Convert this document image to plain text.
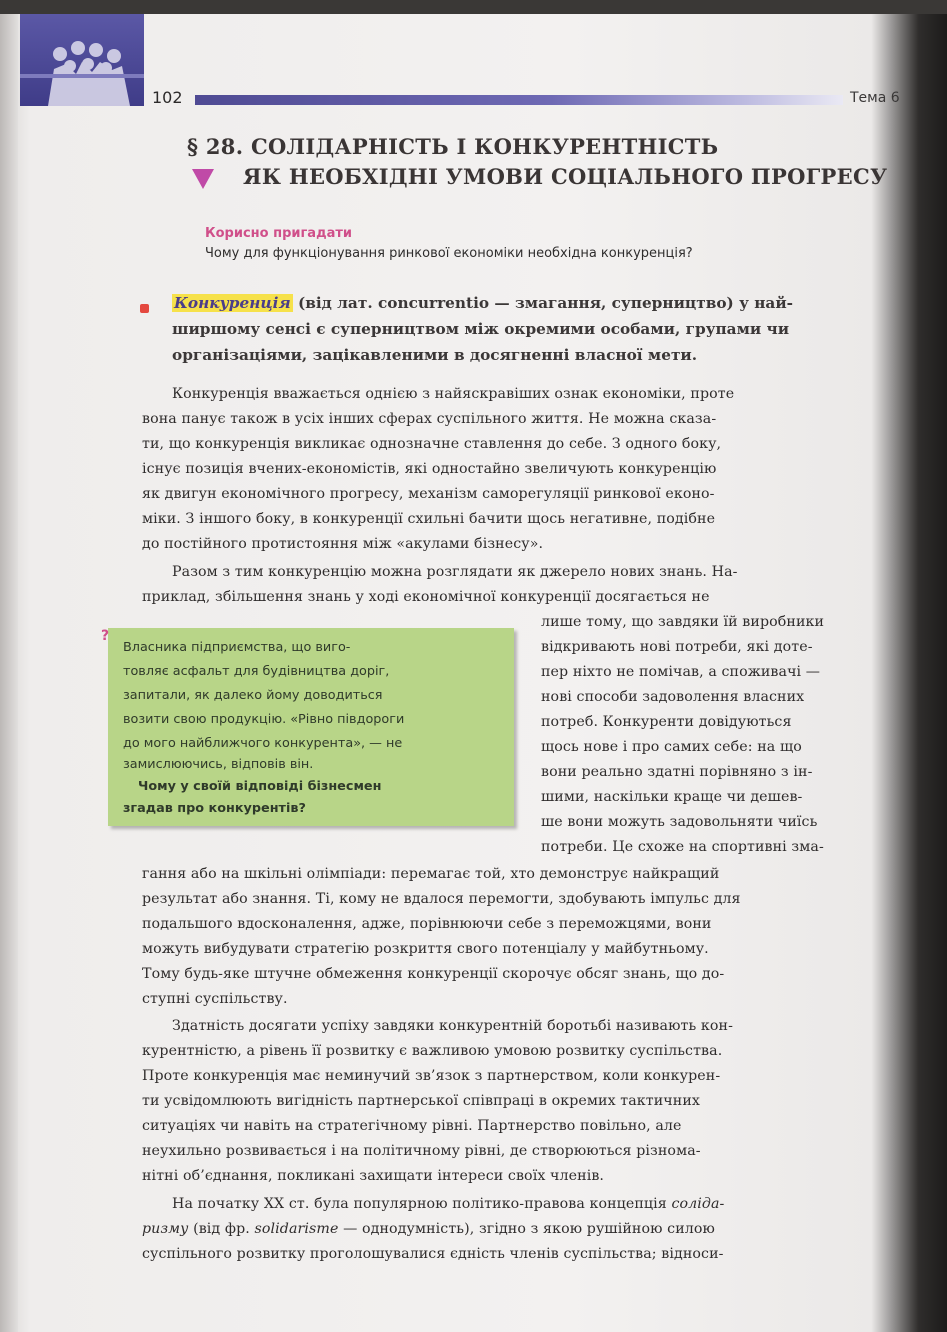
102	Тема 6
§ 28. СОЛІДАРНІСТЬ І КОНКУРЕНТНІСТЬ
ЯК НЕОБХІДНІ УМОВИ СОЦІАЛЬНОГО ПРОГРЕСУ
Корисно пригадати
Чому для функціонування ринкової економіки необхідна конкуренція?
Конкуренція (від лат. concurrentio — змагання, суперництво) у най-
ширшому сенсі є суперництвом між окремими особами, групами чи
організаціями, зацікавленими в досягненні власної мети.
Конкуренція вважається однією з найяскравіших ознак економіки, проте
вона панує також в усіх інших сферах суспільного життя. Не можна сказа-
ти, що конкуренція викликає однозначне ставлення до себе. З одного боку,
існує позиція вчених-економістів, які одностайно звеличують конкуренцію
як двигун економічного прогресу, механізм саморегуляції ринкової еконо-
міки. З іншого боку, в конкуренції схильні бачити щось негативне, подібне
до постійного протистояння між «акулами бізнесу».
Разом з тим конкуренцію можна розглядати як джерело нових знань. На-
приклад, збільшення знань у ході економічної конкуренції досягається не
лише тому, що завдяки їй виробники
відкривають нові потреби, які доте-
пер ніхто не помічав, а споживачі —
нові способи задоволення власних
потреб. Конкуренти довідуються
щось нове і про самих себе: на що
вони реально здатні порівняно з ін-
шими, наскільки краще чи дешев-
ше вони можуть задовольняти чиїсь
потреби. Це схоже на спортивні зма-
гання або на шкільні олімпіади: перемагає той, хто демонструє найкращий
результат або знання. Ті, кому не вдалося перемогти, здобувають імпульс для
подальшого вдосконалення, адже, порівнюючи себе з переможцями, вони
можуть вибудувати стратегію розкриття свого потенціалу у майбутньому.
Тому будь-яке штучне обмеження конкуренції скорочує обсяг знань, що до-
ступні суспільству.
Здатність досягати успіху завдяки конкурентній боротьбі називають кон-
курентністю, а рівень її розвитку є важливою умовою розвитку суспільства.
Проте конкуренція має неминучий зв’язок з партнерством, коли конкурен-
ти усвідомлюють вигідність партнерської співпраці в окремих тактичних
ситуаціях чи навіть на стратегічному рівні. Партнерство повільно, але
неухильно розвивається і на політичному рівні, де створюються різнома-
нітні об’єднання, покликані захищати інтереси своїх членів.
На початку ХХ ст. була популярною політико-правова концепція соліда-
ризму (від фр. solidarisme — однодумність), згідно з якою рушійною силою
суспільного розвитку проголошувалися єдність членів суспільства; відноси-
?
Власника підприємства, що виго-
товляє асфальт для будівництва доріг,
запитали, як далеко йому доводиться
возити свою продукцію. «Рівно півдороги
до мого найближчого конкурента», — не
замислюючись, відповів він.
Чому у своїй відповіді бізнесмен
згадав про конкурентів?
